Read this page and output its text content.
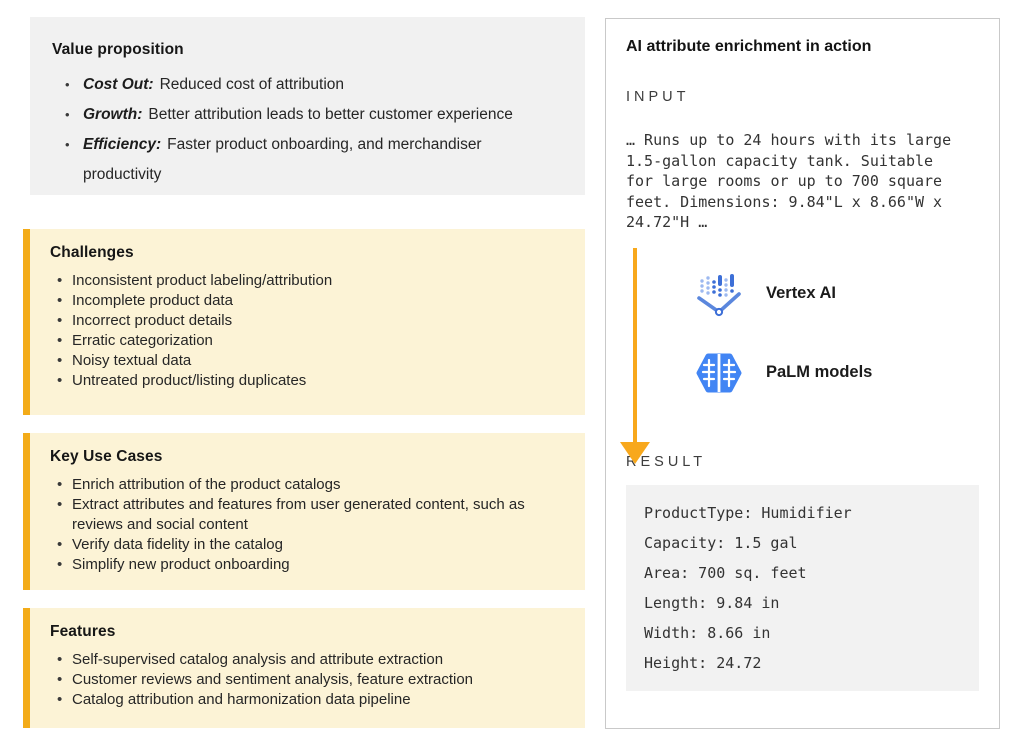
Value proposition
• Cost Out: Reduced cost of attribution
• Growth: Better attribution leads to better customer experience
• Efficiency: Faster product onboarding, and merchandiser productivity
Challenges
• Inconsistent product labeling/attribution
• Incomplete product data
• Incorrect product details
• Erratic categorization
• Noisy textual data
• Untreated product/listing duplicates
Key Use Cases
• Enrich attribution of the product catalogs
• Extract attributes and features from user generated content, such as reviews and social content
• Verify data fidelity in the catalog
• Simplify new product onboarding
Features
• Self-supervised catalog analysis and attribute extraction
• Customer reviews and sentiment analysis, feature extraction
• Catalog attribution and harmonization data pipeline
AI attribute enrichment in action
INPUT
… Runs up to 24 hours with its large 1.5-gallon capacity tank. Suitable for large rooms or up to 700 square feet. Dimensions: 9.84"L x 8.66"W x 24.72"H …
Vertex AI
PaLM models
RESULT
ProductType: Humidifier
Capacity: 1.5 gal
Area: 700 sq. feet
Length: 9.84 in
Width: 8.66 in
Height: 24.72
